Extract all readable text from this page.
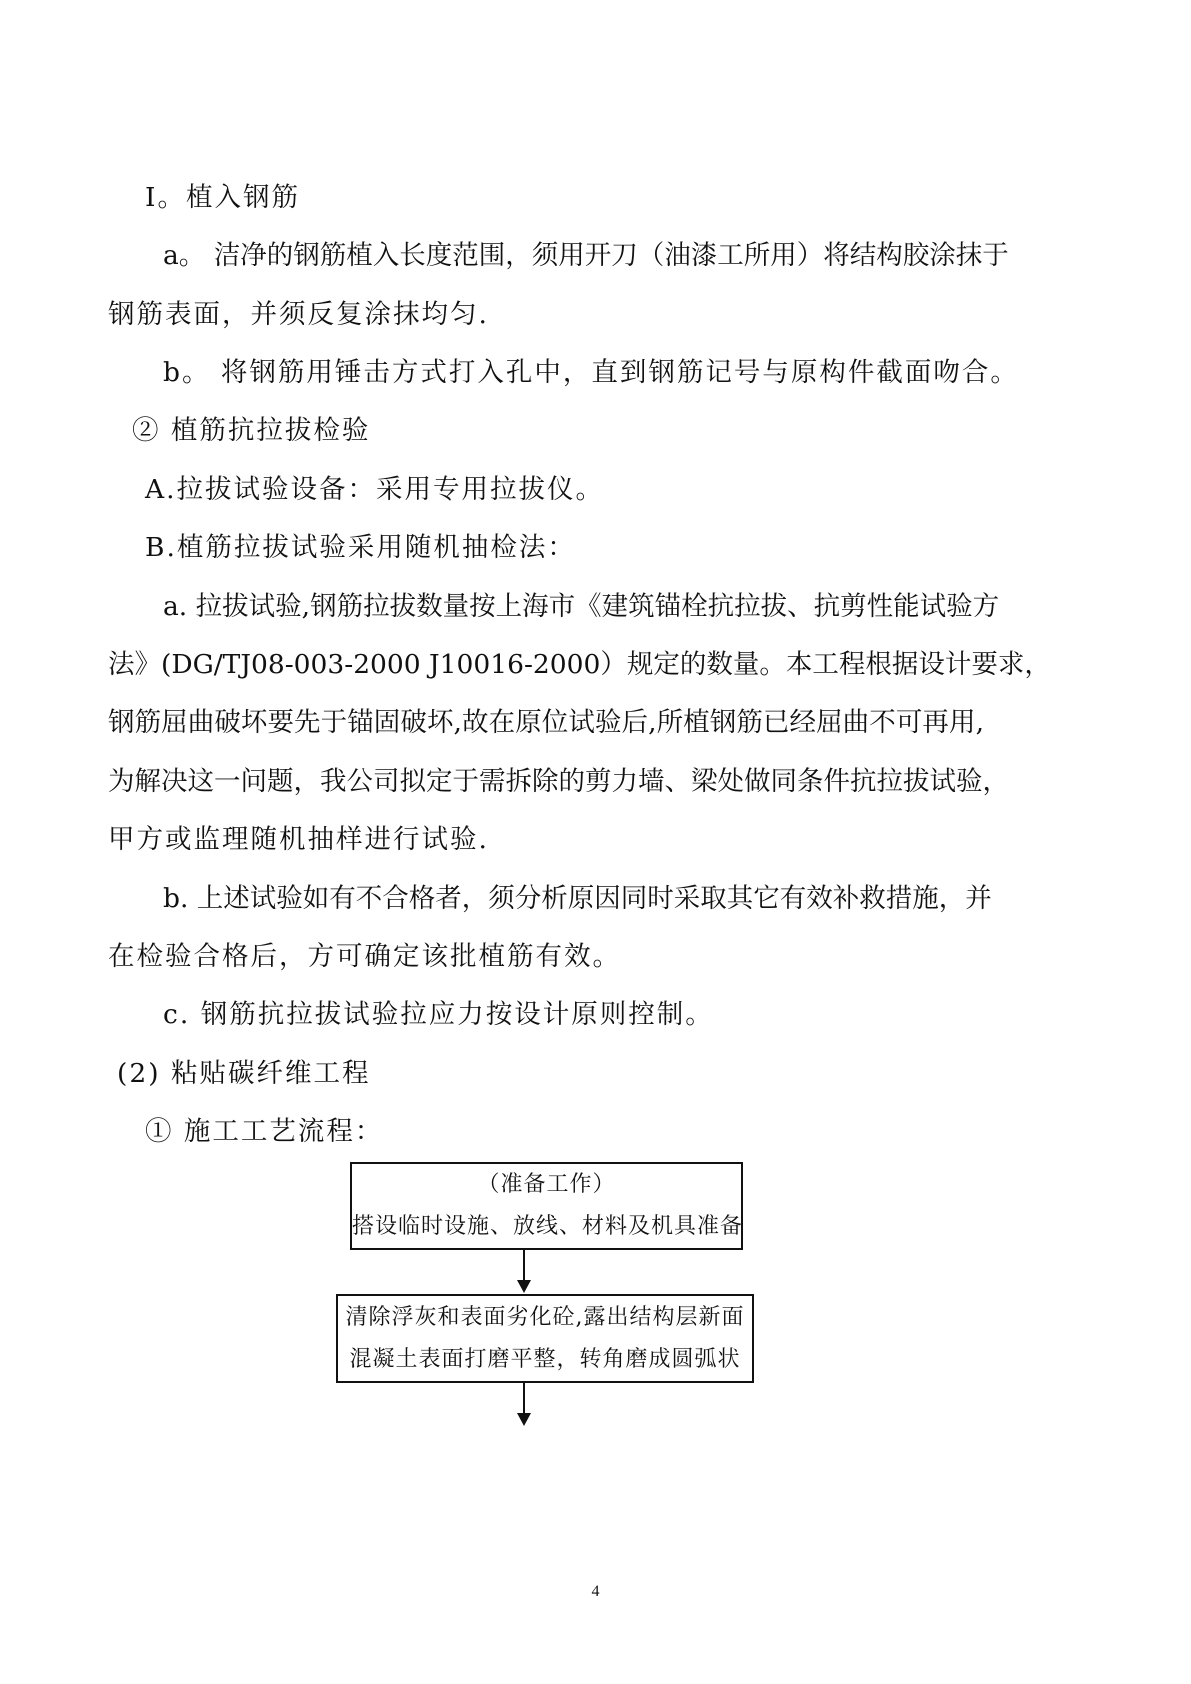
I。植入钢筋
a。 洁净的钢筋植入长度范围，须用开刀（油漆工所用）将结构胶涂抹于
钢筋表面，并须反复涂抹均匀.
b。 将钢筋用锤击方式打入孔中，直到钢筋记号与原构件截面吻合。
② 植筋抗拉拔检验
A.拉拔试验设备：采用专用拉拔仪。
B.植筋拉拔试验采用随机抽检法：
a. 拉拔试验,钢筋拉拔数量按上海市《建筑锚栓抗拉拔、抗剪性能试验方
法》(DG/TJ08-003-2000 J10016-2000）规定的数量。本工程根据设计要求，
钢筋屈曲破坏要先于锚固破坏,故在原位试验后,所植钢筋已经屈曲不可再用,
为解决这一问题，我公司拟定于需拆除的剪力墙、梁处做同条件抗拉拔试验，
甲方或监理随机抽样进行试验.
b. 上述试验如有不合格者，须分析原因同时采取其它有效补救措施，并
在检验合格后，方可确定该批植筋有效。
c. 钢筋抗拉拔试验拉应力按设计原则控制。
(2) 粘贴碳纤维工程
① 施工工艺流程：
（准备工作）
搭设临时设施、放线、材料及机具准备
清除浮灰和表面劣化砼,露出结构层新面
混凝土表面打磨平整，转角磨成圆弧状
4
